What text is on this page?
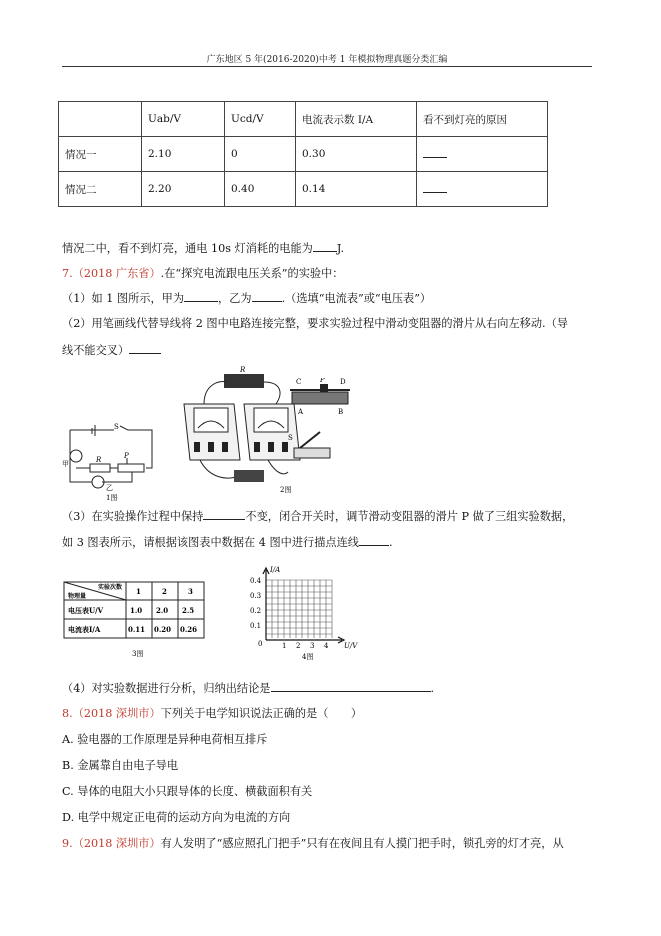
广东地区 5 年(2016-2020)中考 1 年模拟物理真题分类汇编
	Uab/V	Ucd/V	电流表示数 I/A	看不到灯亮的原因
情况一	2.10	0	0.30	
情况二	2.20	0.40	0.14	
情况二中，看不到灯亮，通电 10s 灯消耗的电能为 J.
7.（2018 广东省）.在“探究电流跟电压关系”的实验中：
（1）如 1 图所示，甲为	，乙为	.（选填“电流表”或“电压表”）
（2）用笔画线代替导线将 2 图中电路连接完整，要求实验过程中滑动变阻器的滑片从右向左移动.（导
线不能交叉）
S
R	P
甲
乙
1图
R
2图
C	P D
A	B
S
（3）在实验操作过程中保持	不变，闭合开关时，调节滑动变阻器的滑片 P 做了三组实验数据，
如 3 图表所示，请根据该图表中数据在 4 图中进行描点连线	.
实验次数
物理量
1	2	3
电压表U/V	1.0 2.0 2.5
电流表I/A	0.11 0.20 0.26
3图
I/A
U/V
0.4
0.3
0.2
0.1
0	1 2 3 4
4图
（4）对实验数据进行分析，归纳出结论是	.
8.（2018 深圳市）下列关于电学知识说法正确的是（　　）
A. 验电器的工作原理是异种电荷相互排斥
B. 金属靠自由电子导电
C. 导体的电阻大小只跟导体的长度、横截面积有关
D. 电学中规定正电荷的运动方向为电流的方向
9.（2018 深圳市）有人发明了“感应照孔门把手”只有在夜间且有人摸门把手时，锁孔旁的灯才亮，从
